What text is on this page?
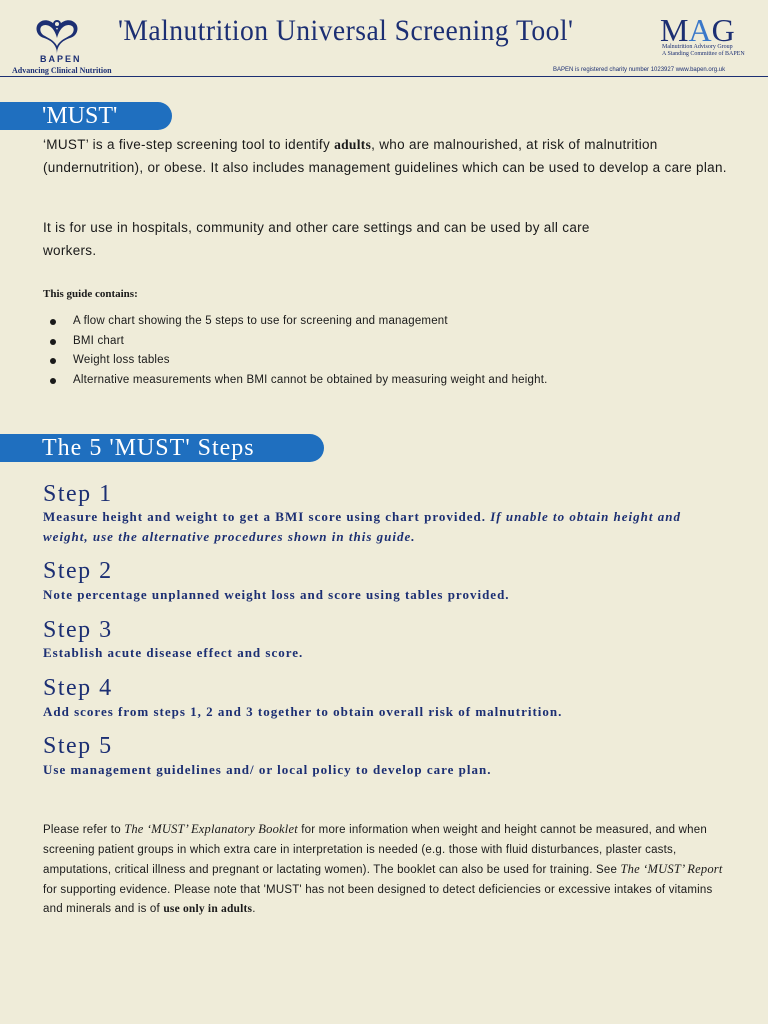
BAPEN
Advancing Clinical Nutrition
'Malnutrition Universal Screening Tool'	MAG
Malnutrition Advisory Group
A Standing Committee of BAPEN
BAPEN is registered charity number 1023927 www.bapen.org.uk
'MUST'
‘MUST’ is a five-step screening tool to identify adults, who are malnourished, at risk of malnutrition (undernutrition), or obese. It also includes management guidelines which can be used to develop a care plan.
It is for use in hospitals, community and other care settings and can be used by all care workers.
This guide contains:
A flow chart showing the 5 steps to use for screening and management
BMI chart
Weight loss tables
Alternative measurements when BMI cannot be obtained by measuring weight and height.
The 5 'MUST' Steps
Step 1
Measure height and weight to get a BMI score using chart provided. If unable to obtain height and weight, use the alternative procedures shown in this guide.
Step 2
Note percentage unplanned weight loss and score using tables provided.
Step 3
Establish acute disease effect and score.
Step 4
Add scores from steps 1, 2 and 3 together to obtain overall risk of malnutrition.
Step 5
Use management guidelines and/ or local policy to develop care plan.
Please refer to The ‘MUST’ Explanatory Booklet for more information when weight and height cannot be measured, and when screening patient groups in which extra care in interpretation is needed (e.g. those with fluid disturbances, plaster casts, amputations, critical illness and pregnant or lactating women). The booklet can also be used for training. See The ‘MUST’ Report for supporting evidence. Please note that 'MUST' has not been designed to detect deficiencies or excessive intakes of vitamins and minerals and is of use only in adults.
